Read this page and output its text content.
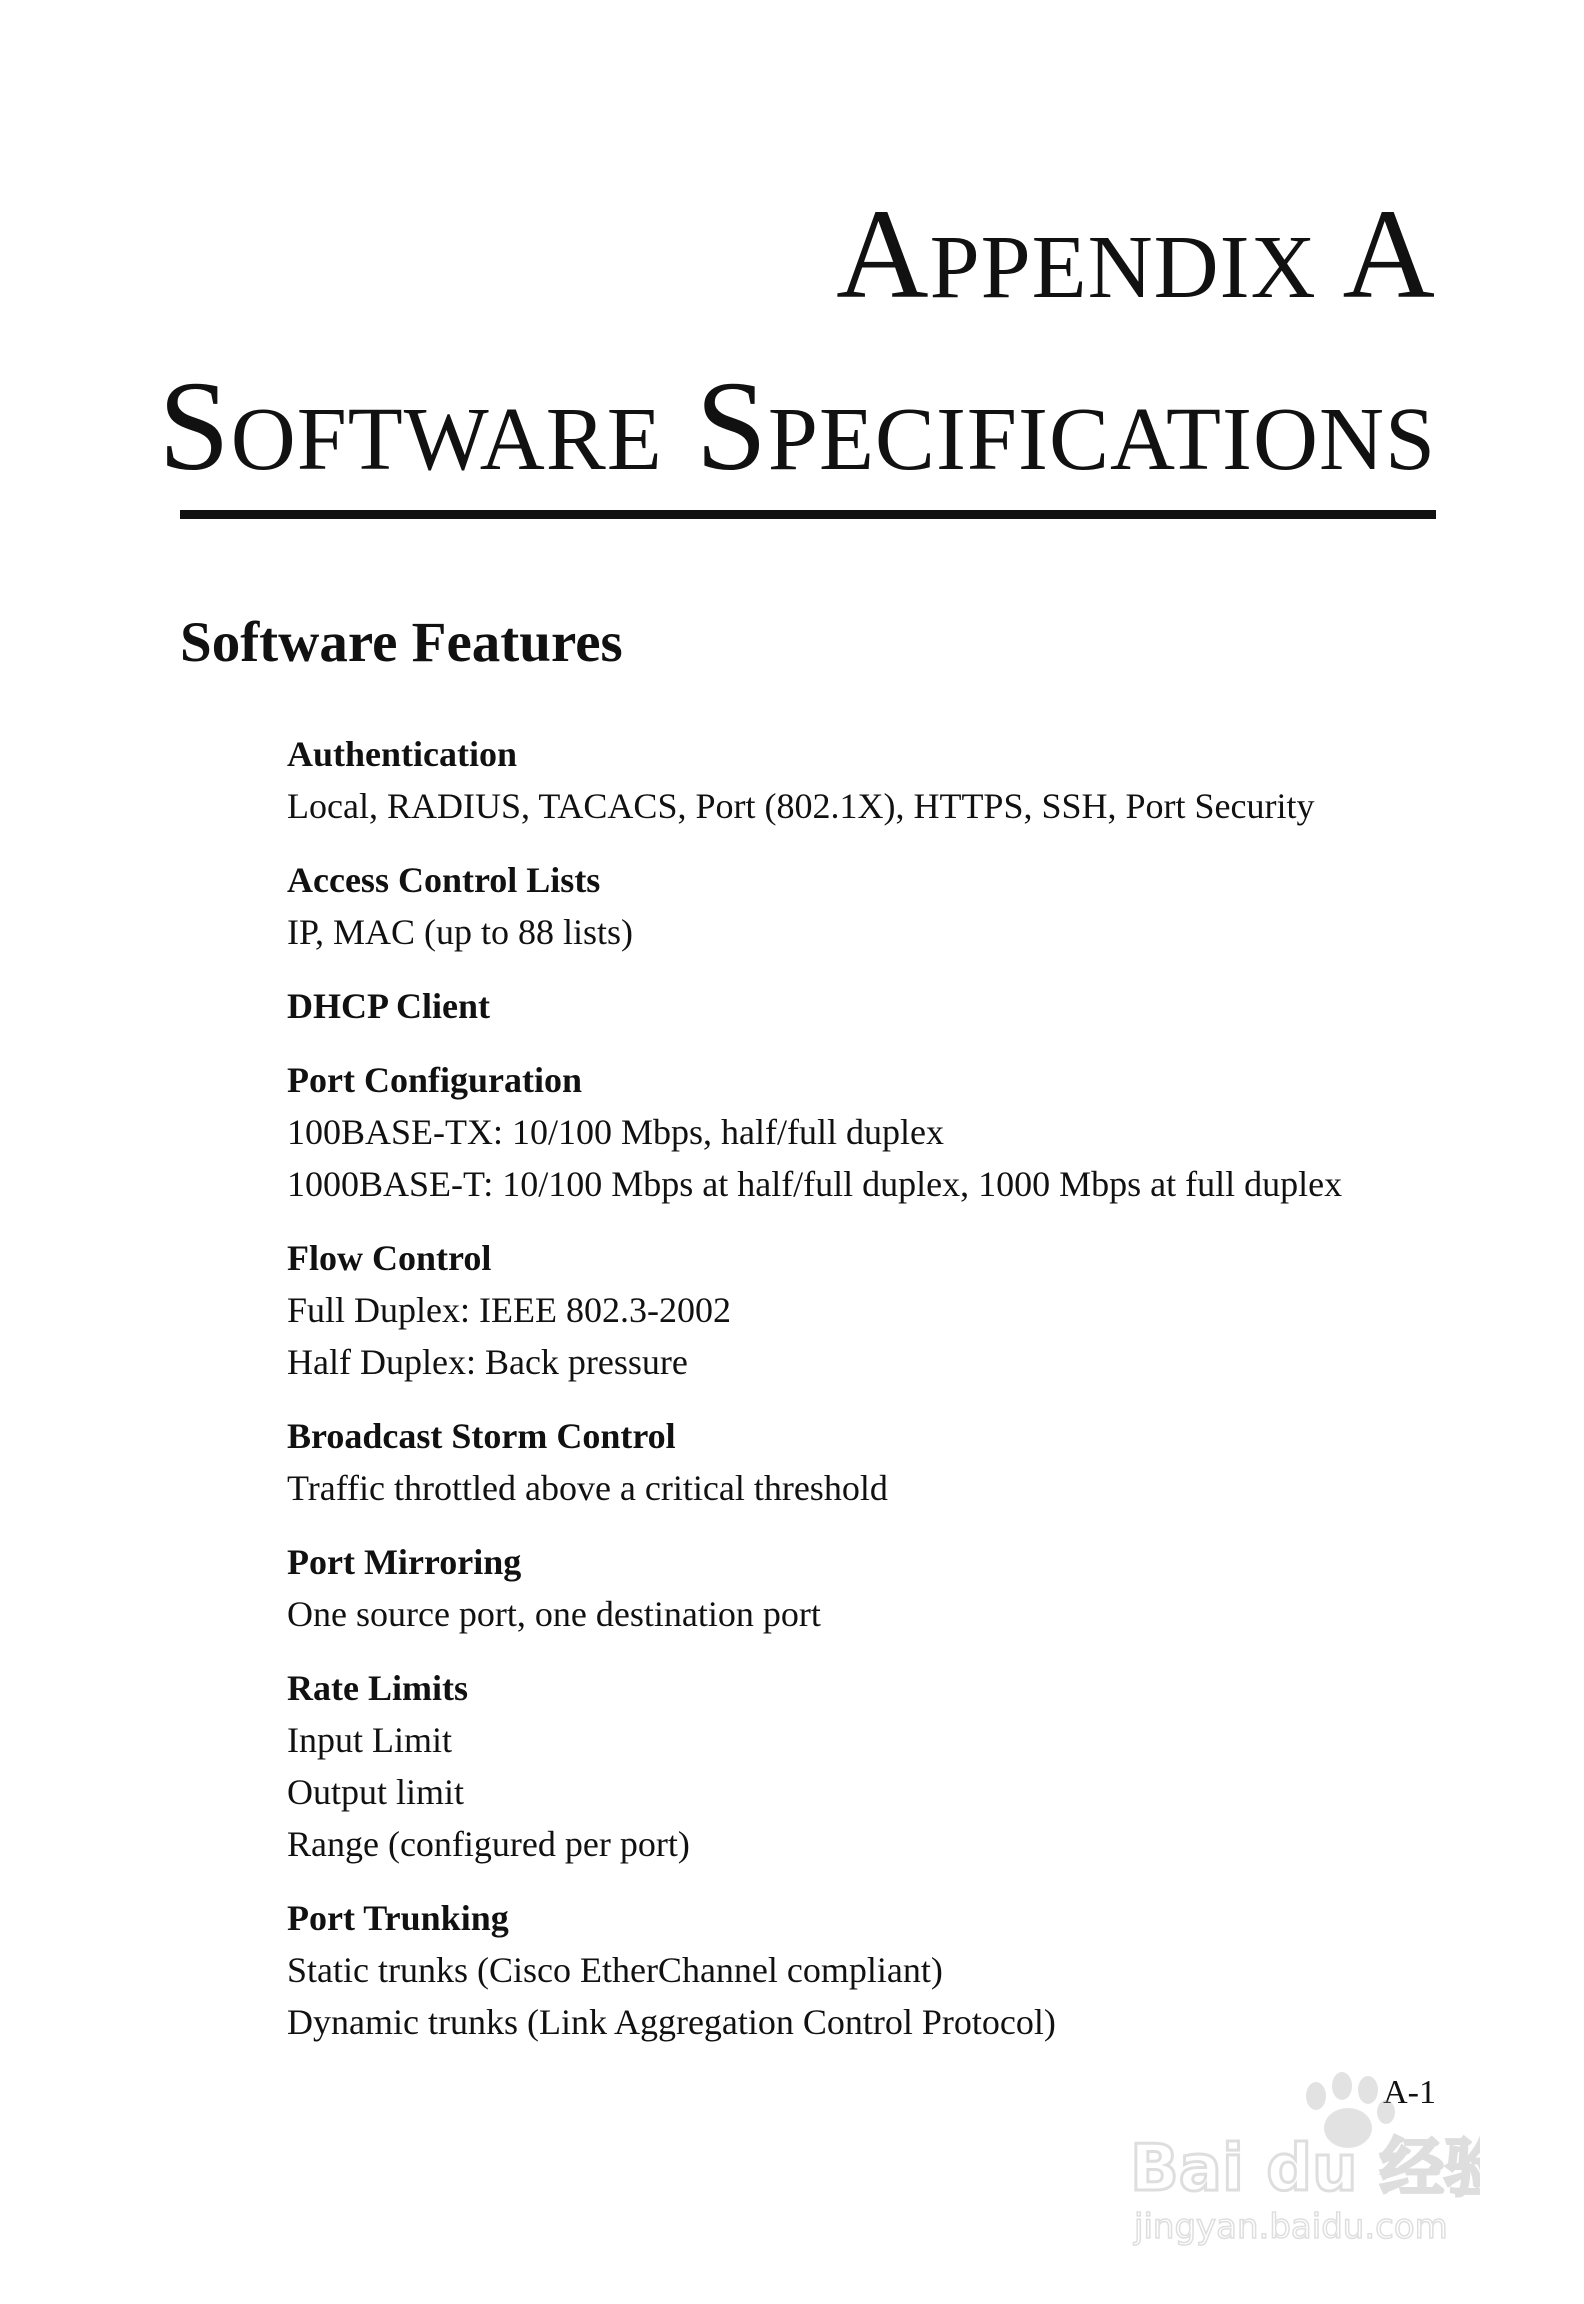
Appendix A
Software Specifications
Software Features
Authentication
Local, RADIUS, TACACS, Port (802.1X), HTTPS, SSH, Port Security
Access Control Lists
IP, MAC (up to 88 lists)
DHCP Client
Port Configuration
100BASE-TX: 10/100 Mbps, half/full duplex
1000BASE-T: 10/100 Mbps at half/full duplex, 1000 Mbps at full duplex
Flow Control
Full Duplex: IEEE 802.3-2002
Half Duplex: Back pressure
Broadcast Storm Control
Traffic throttled above a critical threshold
Port Mirroring
One source port, one destination port
Rate Limits
Input Limit
Output limit
Range (configured per port)
Port Trunking
Static trunks (Cisco EtherChannel compliant)
Dynamic trunks (Link Aggregation Control Protocol)
A-1
Bai du 经验
jingyan.baidu.com
